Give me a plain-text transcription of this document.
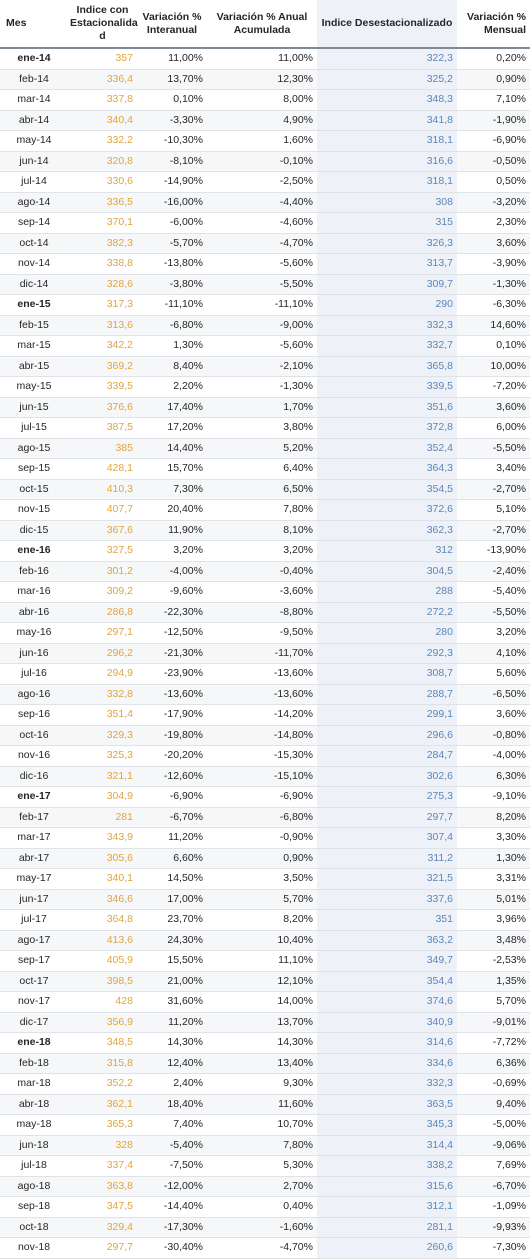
Mes	Indice con Estacionalida d	Variación % Interanual	Variación % Anual Acumulada	Indice Desestacionalizado	Variación % Mensual
ene-14	357	11,00%	11,00%	322,3	0,20%
feb-14	336,4	13,70%	12,30%	325,2	0,90%
mar-14	337,8	0,10%	8,00%	348,3	7,10%
abr-14	340,4	-3,30%	4,90%	341,8	-1,90%
may-14	332,2	-10,30%	1,60%	318,1	-6,90%
jun-14	320,8	-8,10%	-0,10%	316,6	-0,50%
jul-14	330,6	-14,90%	-2,50%	318,1	0,50%
ago-14	336,5	-16,00%	-4,40%	308	-3,20%
sep-14	370,1	-6,00%	-4,60%	315	2,30%
oct-14	382,3	-5,70%	-4,70%	326,3	3,60%
nov-14	338,8	-13,80%	-5,60%	313,7	-3,90%
dic-14	328,6	-3,80%	-5,50%	309,7	-1,30%
ene-15	317,3	-11,10%	-11,10%	290	-6,30%
feb-15	313,6	-6,80%	-9,00%	332,3	14,60%
mar-15	342,2	1,30%	-5,60%	332,7	0,10%
abr-15	369,2	8,40%	-2,10%	365,8	10,00%
may-15	339,5	2,20%	-1,30%	339,5	-7,20%
jun-15	376,6	17,40%	1,70%	351,6	3,60%
jul-15	387,5	17,20%	3,80%	372,8	6,00%
ago-15	385	14,40%	5,20%	352,4	-5,50%
sep-15	428,1	15,70%	6,40%	364,3	3,40%
oct-15	410,3	7,30%	6,50%	354,5	-2,70%
nov-15	407,7	20,40%	7,80%	372,6	5,10%
dic-15	367,6	11,90%	8,10%	362,3	-2,70%
ene-16	327,5	3,20%	3,20%	312	-13,90%
feb-16	301,2	-4,00%	-0,40%	304,5	-2,40%
mar-16	309,2	-9,60%	-3,60%	288	-5,40%
abr-16	286,8	-22,30%	-8,80%	272,2	-5,50%
may-16	297,1	-12,50%	-9,50%	280	3,20%
jun-16	296,2	-21,30%	-11,70%	292,3	4,10%
jul-16	294,9	-23,90%	-13,60%	308,7	5,60%
ago-16	332,8	-13,60%	-13,60%	288,7	-6,50%
sep-16	351,4	-17,90%	-14,20%	299,1	3,60%
oct-16	329,3	-19,80%	-14,80%	296,6	-0,80%
nov-16	325,3	-20,20%	-15,30%	284,7	-4,00%
dic-16	321,1	-12,60%	-15,10%	302,6	6,30%
ene-17	304,9	-6,90%	-6,90%	275,3	-9,10%
feb-17	281	-6,70%	-6,80%	297,7	8,20%
mar-17	343,9	11,20%	-0,90%	307,4	3,30%
abr-17	305,6	6,60%	0,90%	311,2	1,30%
may-17	340,1	14,50%	3,50%	321,5	3,31%
jun-17	346,6	17,00%	5,70%	337,6	5,01%
jul-17	364,8	23,70%	8,20%	351	3,96%
ago-17	413,6	24,30%	10,40%	363,2	3,48%
sep-17	405,9	15,50%	11,10%	349,7	-2,53%
oct-17	398,5	21,00%	12,10%	354,4	1,35%
nov-17	428	31,60%	14,00%	374,6	5,70%
dic-17	356,9	11,20%	13,70%	340,9	-9,01%
ene-18	348,5	14,30%	14,30%	314,6	-7,72%
feb-18	315,8	12,40%	13,40%	334,6	6,36%
mar-18	352,2	2,40%	9,30%	332,3	-0,69%
abr-18	362,1	18,40%	11,60%	363,5	9,40%
may-18	365,3	7,40%	10,70%	345,3	-5,00%
jun-18	328	-5,40%	7,80%	314,4	-9,06%
jul-18	337,4	-7,50%	5,30%	338,2	7,69%
ago-18	363,8	-12,00%	2,70%	315,6	-6,70%
sep-18	347,5	-14,40%	0,40%	312,1	-1,09%
oct-18	329,4	-17,30%	-1,60%	281,1	-9,93%
nov-18	297,7	-30,40%	-4,70%	260,6	-7,30%
